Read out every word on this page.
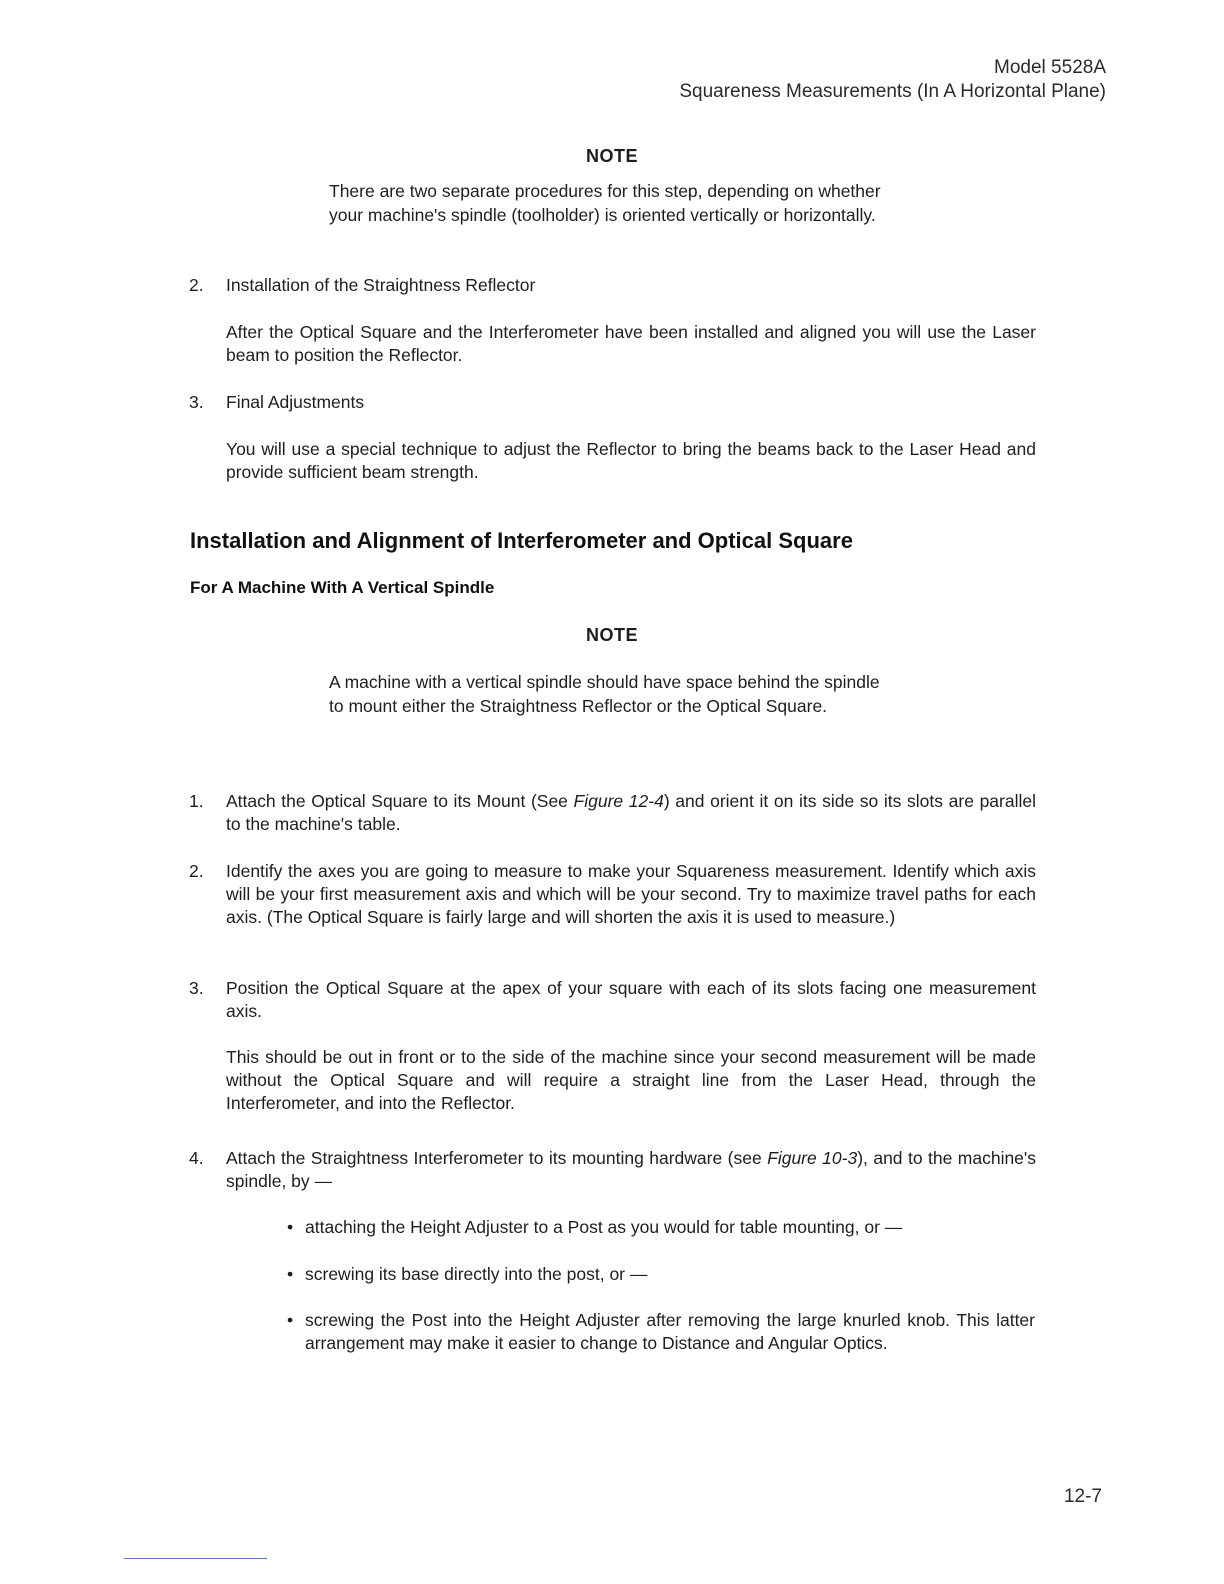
Model 5528A
Squareness Measurements (In A Horizontal Plane)
NOTE

There are two separate procedures for this step, depending on whether your machine's spindle (toolholder) is oriented vertically or horizontally.

2. Installation of the Straightness Reflector

After the Optical Square and the Interferometer have been installed and aligned you will use the Laser beam to position the Reflector.

3. Final Adjustments

You will use a special technique to adjust the Reflector to bring the beams back to the Laser Head and provide sufficient beam strength.

Installation and Alignment of Interferometer and Optical Square
For A Machine With A Vertical Spindle
NOTE

A machine with a vertical spindle should have space behind the spindle to mount either the Straightness Reflector or the Optical Square.

1. Attach the Optical Square to its Mount (See Figure 12-4) and orient it on its side so its slots are parallel to the machine's table.

2. Identify the axes you are going to measure to make your Squareness measurement. Identify which axis will be your first measurement axis and which will be your second. Try to maximize travel paths for each axis. (The Optical Square is fairly large and will shorten the axis it is used to measure.)

3. Position the Optical Square at the apex of your square with each of its slots facing one measurement axis.

This should be out in front or to the side of the machine since your second measurement will be made without the Optical Square and will require a straight line from the Laser Head, through the Interferometer, and into the Reflector.

4. Attach the Straightness Interferometer to its mounting hardware (see Figure 10-3), and to the machine's spindle, by —

• attaching the Height Adjuster to a Post as you would for table mounting, or —

• screwing its base directly into the post, or —

• screwing the Post into the Height Adjuster after removing the large knurled knob. This latter arrangement may make it easier to change to Distance and Angular Optics.

12-7
